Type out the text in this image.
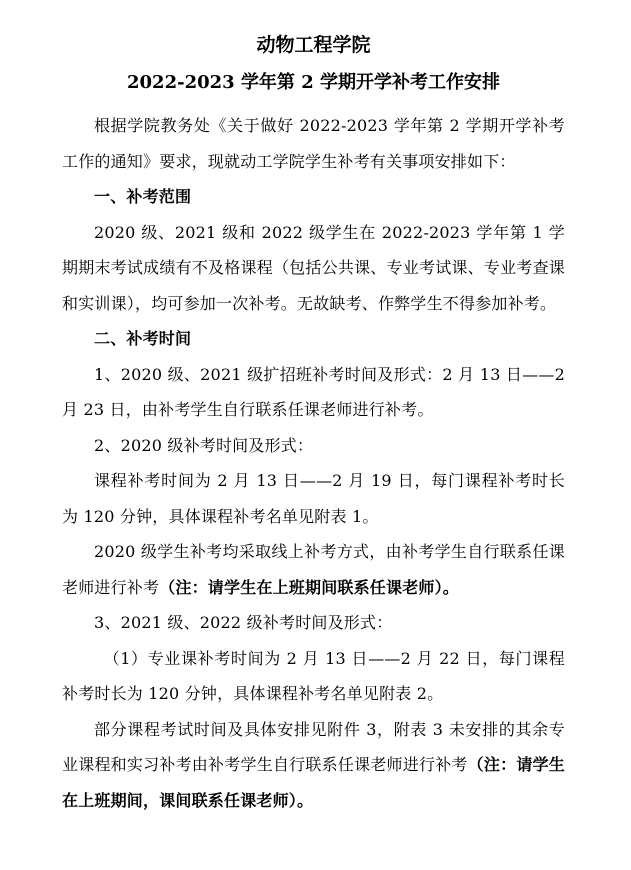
动物工程学院
2022-2023 学年第 2 学期开学补考工作安排

根据学院教务处《关于做好 2022-2023 学年第 2 学期开学补考工作的通知》要求，现就动工学院学生补考有关事项安排如下：

一、补考范围

2020 级、2021 级和 2022 级学生在 2022-2023 学年第 1 学期期末考试成绩有不及格课程（包括公共课、专业考试课、专业考查课和实训课），均可参加一次补考。无故缺考、作弊学生不得参加补考。

二、补考时间

1、2020 级、2021 级扩招班补考时间及形式：2 月 13 日——2 月 23 日，由补考学生自行联系任课老师进行补考。

2、2020 级补考时间及形式：

课程补考时间为 2 月 13 日——2 月 19 日，每门课程补考时长为 120 分钟，具体课程补考名单见附表 1。

2020 级学生补考均采取线上补考方式，由补考学生自行联系任课老师进行补考（注：请学生在上班期间联系任课老师）。

3、2021 级、2022 级补考时间及形式：

（1）专业课补考时间为 2 月 13 日——2 月 22 日，每门课程补考时长为 120 分钟，具体课程补考名单见附表 2。

部分课程考试时间及具体安排见附件 3，附表 3 未安排的其余专业课程和实习补考由补考学生自行联系任课老师进行补考（注：请学生在上班期间，课间联系任课老师）。
